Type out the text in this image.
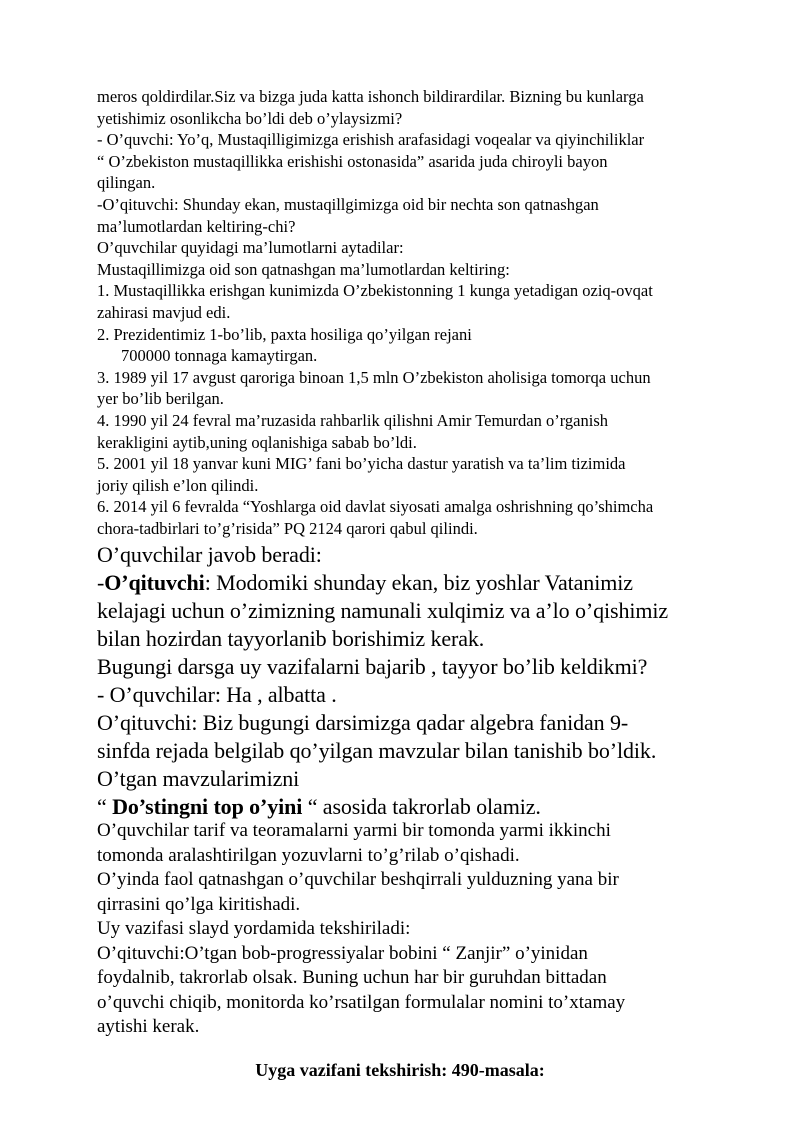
meros qoldirdilar.Siz va bizga juda katta ishonch bildirardilar. Bizning bu kunlarga
yetishimiz osonlikcha bo’ldi deb o’ylaysizmi?
- O’quvchi: Yo’q, Mustaqilligimizga erishish arafasidagi voqealar va qiyinchiliklar
“ O’zbekiston mustaqillikka erishishi ostonasida” asarida juda chiroyli bayon
qilingan.
-O’qituvchi: Shunday ekan, mustaqillgimizga oid bir nechta son qatnashgan
ma’lumotlardan keltiring-chi?
O’quvchilar quyidagi ma’lumotlarni aytadilar:
Mustaqillimizga oid son qatnashgan ma’lumotlardan keltiring:
1. Mustaqillikka erishgan kunimizda O’zbekistonning 1 kunga yetadigan oziq-ovqat
zahirasi mavjud edi.
2. Prezidentimiz 1-bo’lib, paxta hosiliga qo’yilgan rejani
700000 tonnaga kamaytirgan.
3. 1989 yil 17 avgust qaroriga binoan 1,5 mln O’zbekiston aholisiga tomorqa uchun
yer bo’lib berilgan.
4. 1990 yil 24 fevral ma’ruzasida rahbarlik qilishni Amir Temurdan o’rganish
kerakligini aytib,uning oqlanishiga sabab bo’ldi.
5. 2001 yil 18 yanvar kuni MIG’ fani bo’yicha dastur yaratish va ta’lim tizimida
joriy qilish e’lon qilindi.
6. 2014 yil 6 fevralda “Yoshlarga oid davlat siyosati amalga oshrishning qo’shimcha
chora-tadbirlari to’g’risida” PQ 2124 qarori qabul qilindi.
O’quvchilar javob beradi:
-O’qituvchi: Modomiki shunday ekan, biz yoshlar Vatanimiz
kelajagi uchun o’zimizning namunali xulqimiz va a’lo o’qishimiz
bilan hozirdan tayyorlanib borishimiz kerak.
Bugungi darsga uy vazifalarni bajarib , tayyor bo’lib keldikmi?
- O’quvchilar: Ha , albatta .
O’qituvchi: Biz bugungi darsimizga qadar algebra fanidan 9-
sinfda rejada belgilab qo’yilgan mavzular bilan tanishib bo’ldik.
O’tgan mavzularimizni
“ Do’stingni top o’yini “ asosida takrorlab olamiz.
O’quvchilar tarif va teoramalarni yarmi bir tomonda yarmi ikkinchi
tomonda aralashtirilgan yozuvlarni to’g’rilab o’qishadi.
O’yinda faol qatnashgan o’quvchilar beshqirrali yulduzning yana bir
qirrasini qo’lga kiritishadi.
Uy vazifasi slayd yordamida tekshiriladi:
O’qituvchi:O’tgan bob-progressiyalar bobini “ Zanjir” o’yinidan
foydalnib, takrorlab olsak. Buning uchun har bir guruhdan bittadan
o’quvchi chiqib, monitorda ko’rsatilgan formulalar nomini to’xtamay
aytishi kerak.
Uyga vazifani tekshirish: 490-masala:
